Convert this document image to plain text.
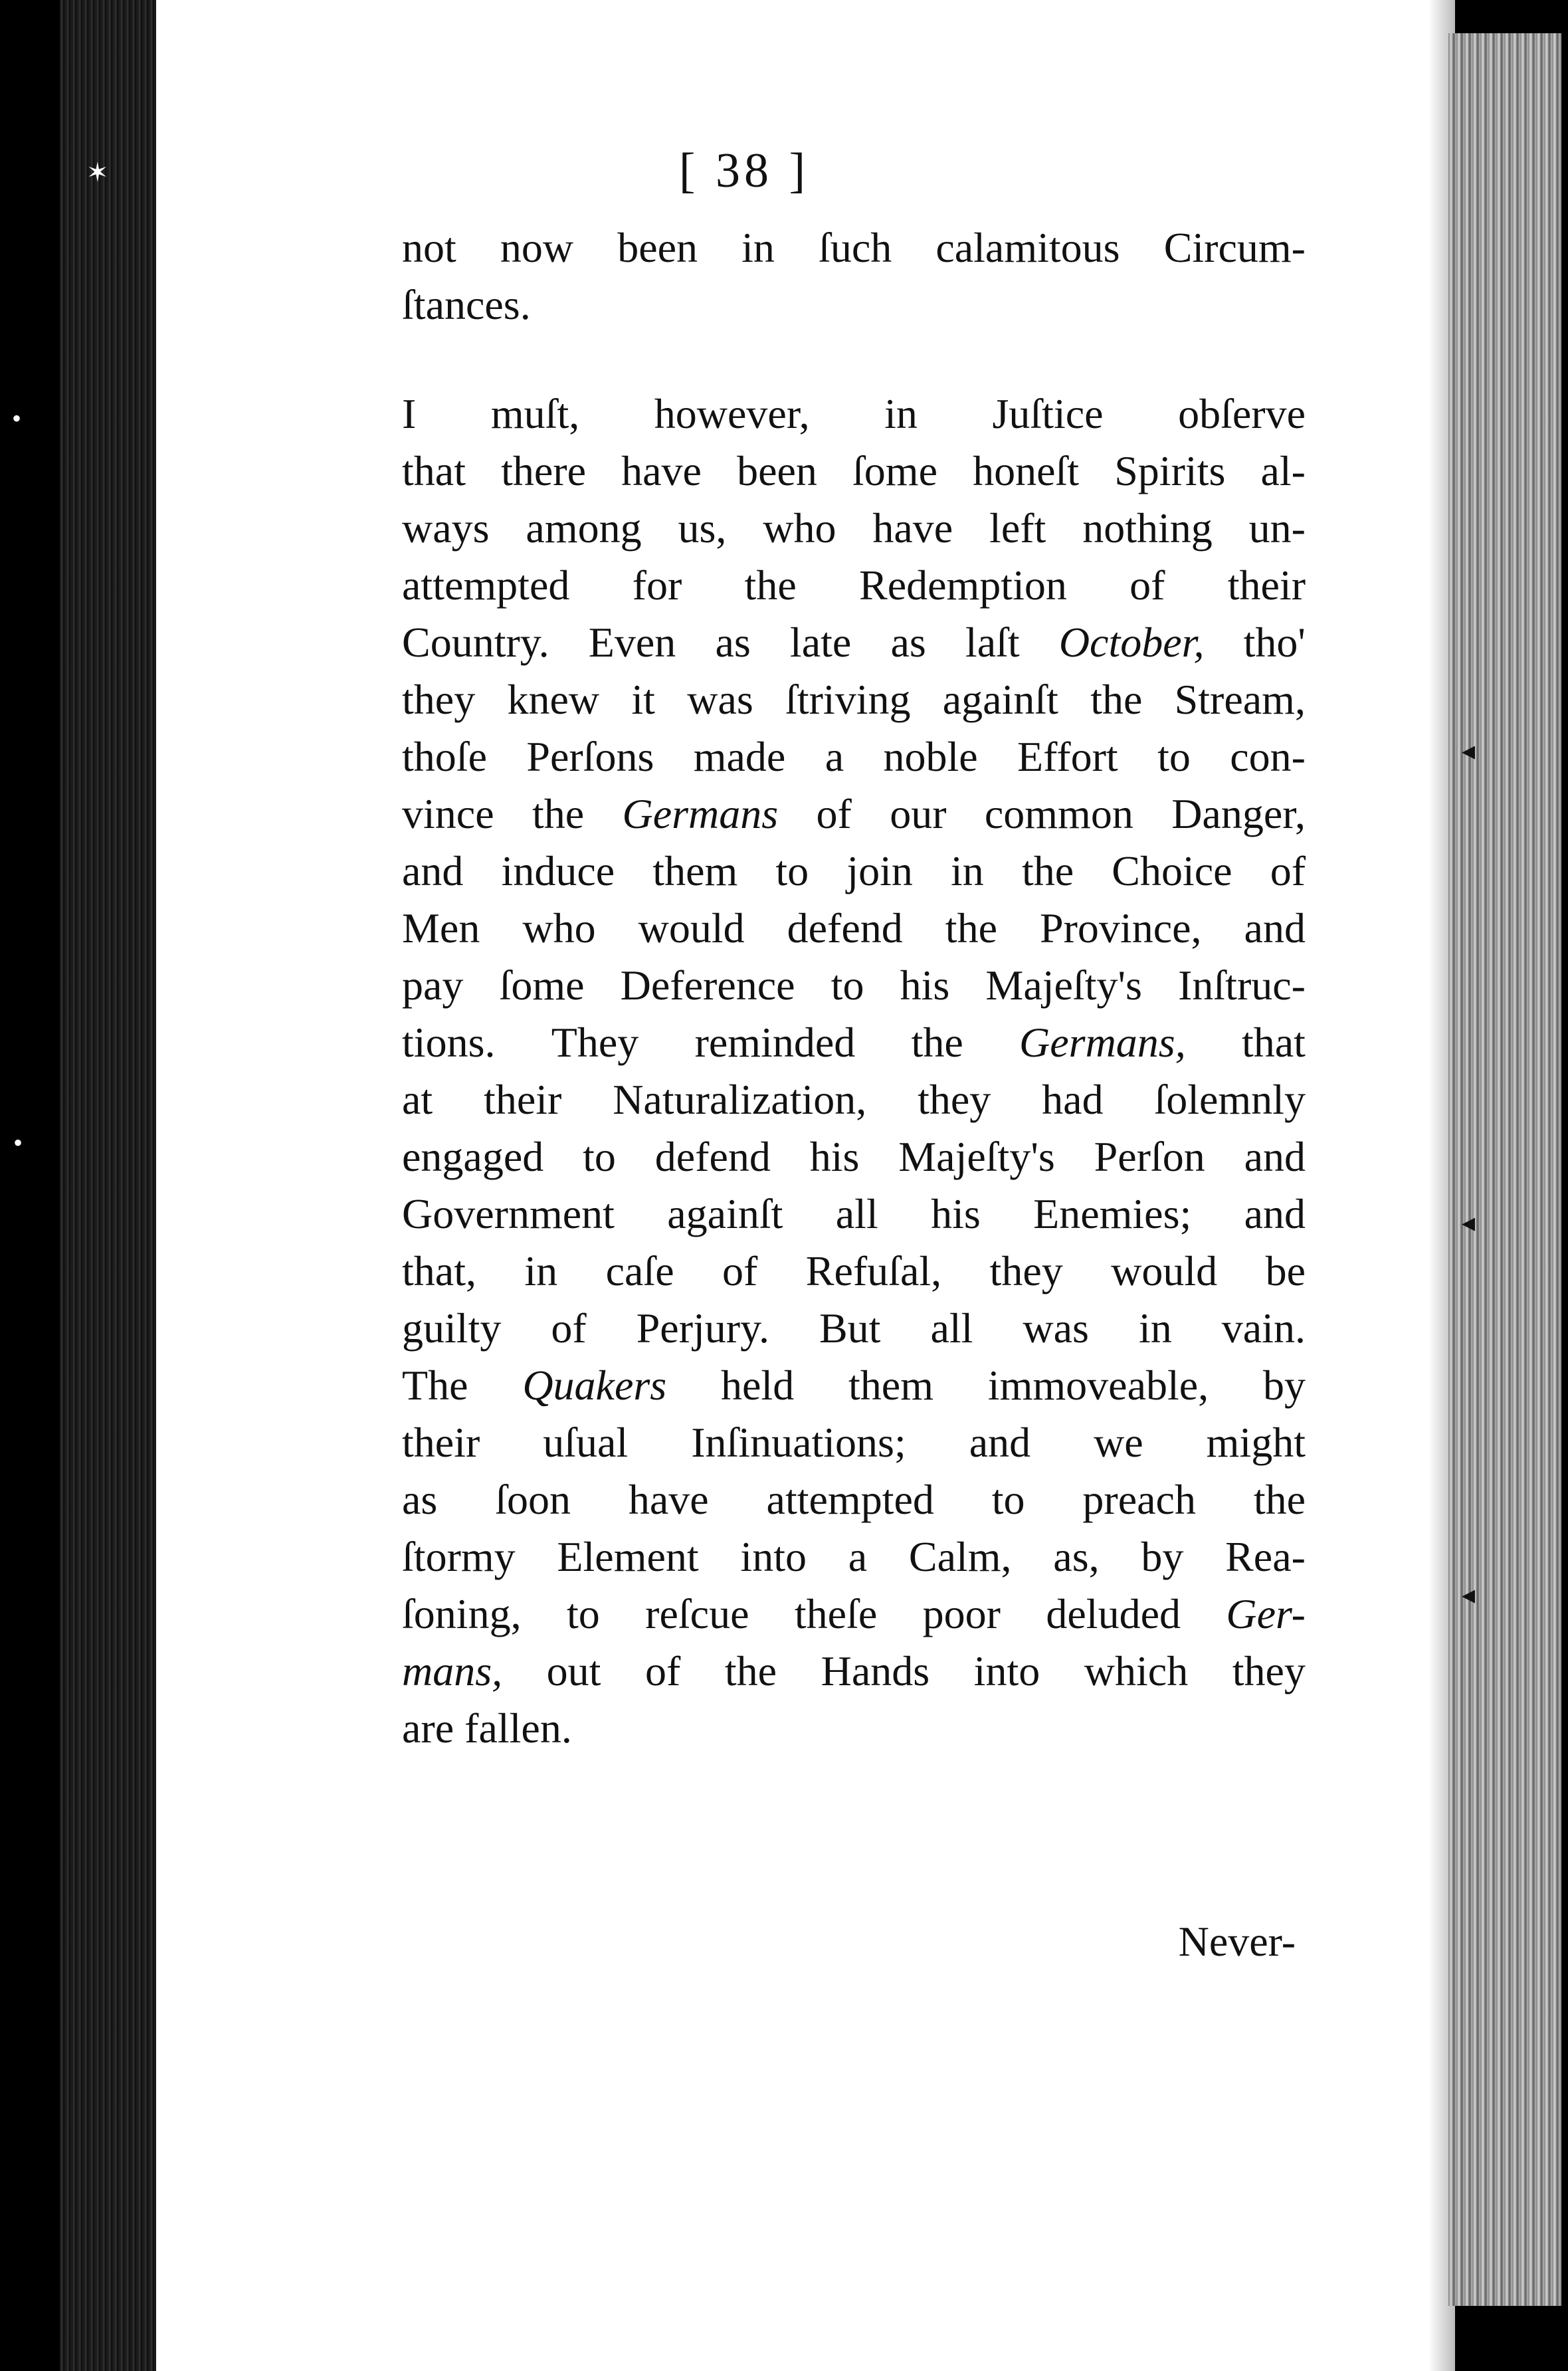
[ 38 ]
not now been in ſuch calamitous Circum-
ſtances.
I muſt, however, in Juſtice obſerve
that there have been ſome honeſt Spirits al-
ways among us, who have left nothing un-
attempted for the Redemption of their
Country. Even as late as laſt October, tho'
they knew it was ſtriving againſt the Stream,
thoſe Perſons made a noble Effort to con-
vince the Germans of our common Danger,
and induce them to join in the Choice of
Men who would defend the Province, and
pay ſome Deference to his Majeſty's Inſtruc-
tions. They reminded the Germans, that
at their Naturalization, they had ſolemnly
engaged to defend his Majeſty's Perſon and
Government againſt all his Enemies; and
that, in caſe of Refuſal, they would be
guilty of Perjury. But all was in vain.
The Quakers held them immoveable, by
their uſual Inſinuations; and we might
as ſoon have attempted to preach the
ſtormy Element into a Calm, as, by Rea-
ſoning, to reſcue theſe poor deluded Ger-
mans, out of the Hands into which they
are
fallen.
Never-
✶
•
•
◂
◂
◂
